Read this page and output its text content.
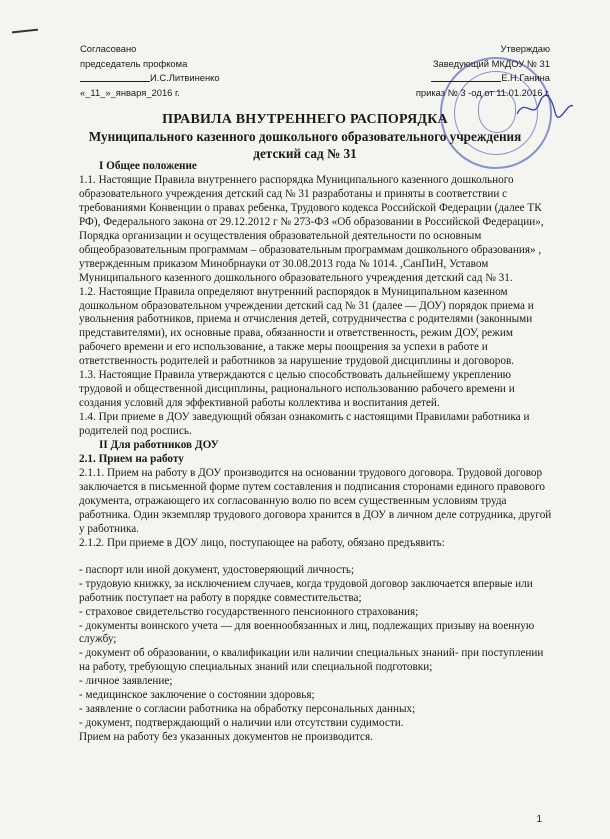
Согласовано
председатель профкома
И.С.Литвиненко
«_11_»_января_2016 г.
Утверждаю
Заведующий МКДОУ № 31
Е.Н.Ганина
приказ № 3 -од от 11.01.2016 г.
ПРАВИЛА ВНУТРЕННЕГО РАСПОРЯДКА
Муниципального казенного дошкольного образовательного учреждения
детский сад № 31

I Общее положение

1.1. Настоящие Правила внутреннего распорядка Муниципального казенного дошкольного образовательного учреждения детский сад № 31 разработаны и приняты в соответствии с требованиями Конвенции о правах ребенка, Трудового кодекса Российской Федерации (далее ТК РФ), Федерального закона от 29.12.2012 г № 273-ФЗ «Об образовании в Российской Федерации», Порядка организации и осуществления образовательной деятельности по основным общеобразовательным программам – образовательным программам дошкольного образования» , утвержденным приказом Минобрнауки от 30.08.2013 года № 1014. ,СанПиН, Уставом Муниципального казенного дошкольного образовательного учреждения детский сад № 31.

1.2. Настоящие Правила определяют внутренний распорядок в Муниципальном казенном дошкольном образовательном учреждении детский сад № 31 (далее — ДОУ) порядок приема и увольнения работников, приема и отчисления детей, сотрудничества с родителями (законными представителями), их основные права, обязанности и ответственность, режим ДОУ, режим рабочего времени и его использование, а также меры поощрения за успехи в работе и ответственность родителей и работников за нарушение трудовой дисциплины и договоров.

1.3. Настоящие Правила утверждаются с целью способствовать дальнейшему укреплению трудовой и общественной дисциплины, рационального использованию рабочего времени и создания условий для эффективной работы коллектива и воспитания детей.

1.4. При приеме в ДОУ заведующий обязан ознакомить с настоящими Правилами работника и родителей под роспись.

II Для работников ДОУ

2.1. Прием на работу

2.1.1. Прием на работу в ДОУ производится на основании трудового договора. Трудовой договор заключается в письменной форме путем составления и подписания сторонами единого правового документа, отражающего их согласованную волю по всем существенным условиям труда работника. Один экземпляр трудового договора хранится в ДОУ в личном деле сотрудника, другой у работника.

2.1.2. При приеме в ДОУ лицо, поступающее на работу, обязано предъявить:

- паспорт или иной документ, удостоверяющий личность;

- трудовую книжку, за исключением случаев, когда трудовой договор заключается впервые или работник поступает на работу в порядке совместительства;

- страховое свидетельство государственного пенсионного страхования;

- документы воинского учета — для военнообязанных и лиц, подлежащих призыву на военную службу;

- документ об образовании, о квалификации или наличии специальных знаний- при поступлении на работу, требующую специальных знаний или специальной подготовки;

- личное заявление;

- медицинское заключение о состоянии здоровья;

- заявление о согласии работника на обработку персональных данных;

- документ, подтверждающий о наличии или отсутствии судимости.

Прием на работу без указанных документов не производится.

1
